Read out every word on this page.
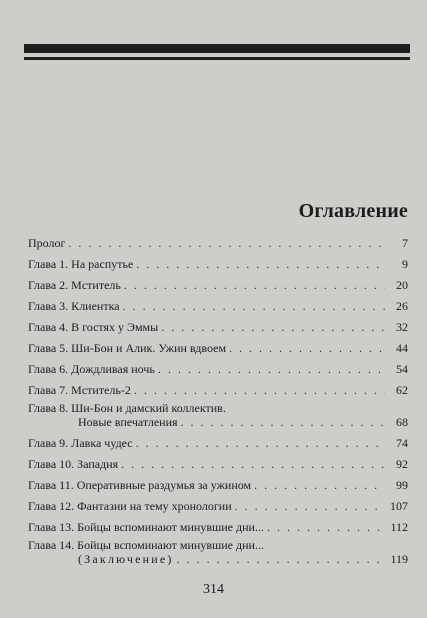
Оглавление
Пролог . . .	7
Глава 1. На распутье . . .	9
Глава 2. Мститель . . .	20
Глава 3. Клиентка . . .	26
Глава 4. В гостях у Эммы . . .	32
Глава 5. Ши-Бон и Алик. Ужин вдвоем . . .	44
Глава 6. Дождливая ночь . . .	54
Глава 7. Мститель-2 . . .	62
Глава 8. Ши-Бон и дамский коллектив.
Новые впечатления . . .	68
Глава 9. Лавка чудес . . .	74
Глава 10. Западня . . .	92
Глава 11. Оперативные раздумья за ужином . . .	99
Глава 12. Фантазии на тему хронологии . . .	107
Глава 13. Бойцы вспоминают минувшие дни... . . .	112
Глава 14. Бойцы вспоминают минувшие дни...
(Заключение) . . .	119
314
